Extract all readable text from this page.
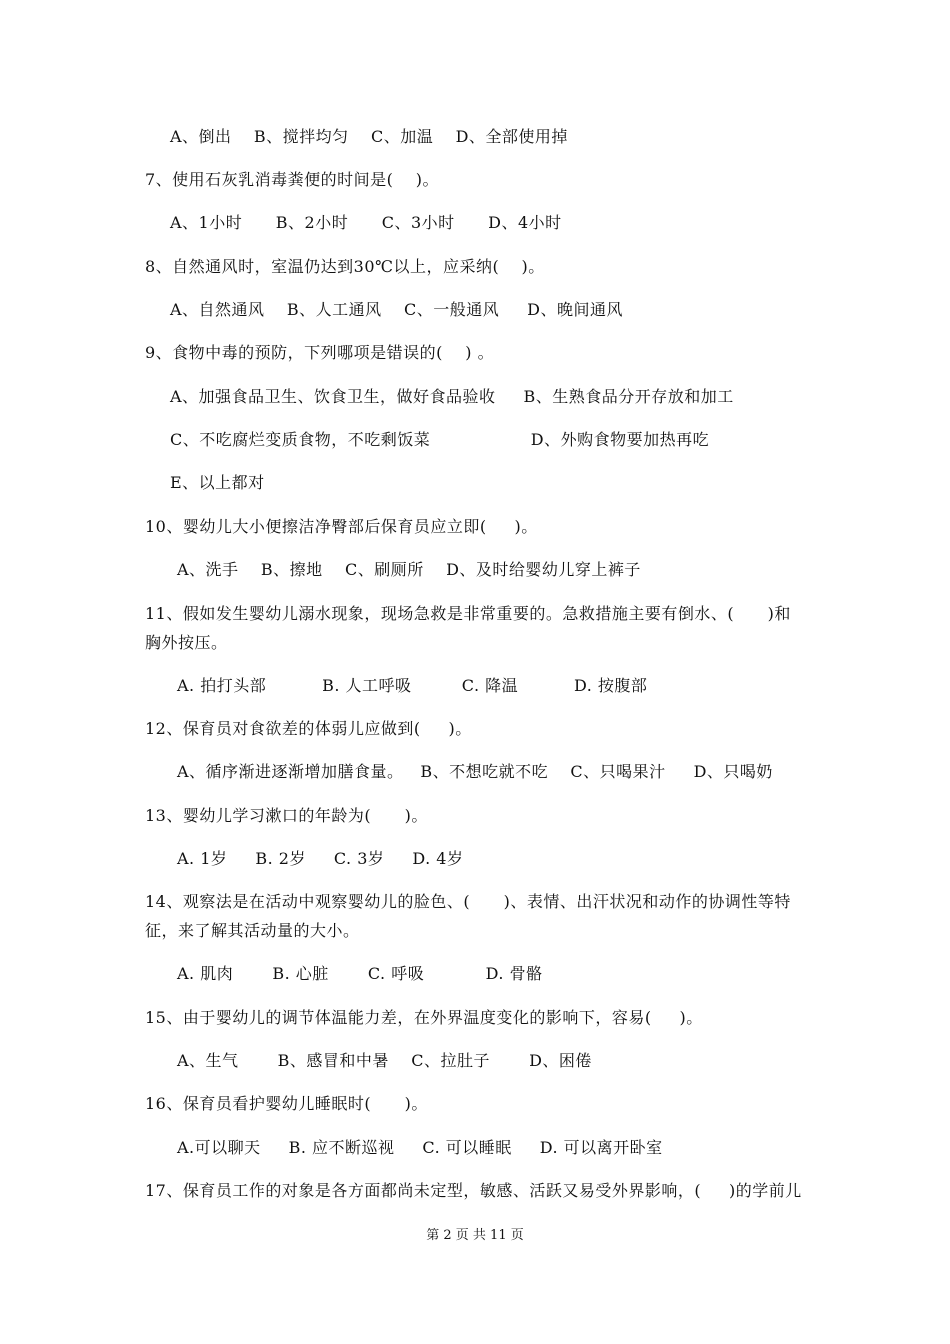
A、倒出    B、搅拌均匀    C、加温    D、全部使用掉
7、使用石灰乳消毒粪便的时间是(    )。
A、1小时      B、2小时      C、3小时      D、4小时
8、自然通风时，室温仍达到30℃以上，应采纳(    )。
A、自然通风    B、人工通风    C、一般通风     D、晚间通风
9、食物中毒的预防，下列哪项是错误的(    ) 。
A、加强食品卫生、饮食卫生，做好食品验收     B、生熟食品分开存放和加工
C、不吃腐烂变质食物，不吃剩饭菜                  D、外购食物要加热再吃
E、以上都对
10、婴幼儿大小便擦洁净臀部后保育员应立即(     )。
A、洗手    B、擦地    C、刷厕所    D、及时给婴幼儿穿上裤子
11、假如发生婴幼儿溺水现象，现场急救是非常重要的。急救措施主要有倒水、(      )和
胸外按压。
A. 拍打头部          B. 人工呼吸         C. 降温          D. 按腹部
12、保育员对食欲差的体弱儿应做到(     )。
A、循序渐进逐渐增加膳食量。   B、不想吃就不吃    C、只喝果汁     D、只喝奶
13、婴幼儿学习漱口的年龄为(      )。
A. 1岁     B. 2岁     C. 3岁     D. 4岁
14、观察法是在活动中观察婴幼儿的脸色、(      )、表情、出汗状况和动作的协调性等特
征，来了解其活动量的大小。
A. 肌肉       B. 心脏       C. 呼吸           D. 骨骼
15、由于婴幼儿的调节体温能力差，在外界温度变化的影响下，容易(     )。
A、生气       B、感冒和中暑    C、拉肚子       D、困倦
16、保育员看护婴幼儿睡眠时(      )。
A.可以聊天     B. 应不断巡视     C. 可以睡眠     D. 可以离开卧室
17、保育员工作的对象是各方面都尚未定型，敏感、活跃又易受外界影响，(     )的学前儿
第 2 页 共 11 页
